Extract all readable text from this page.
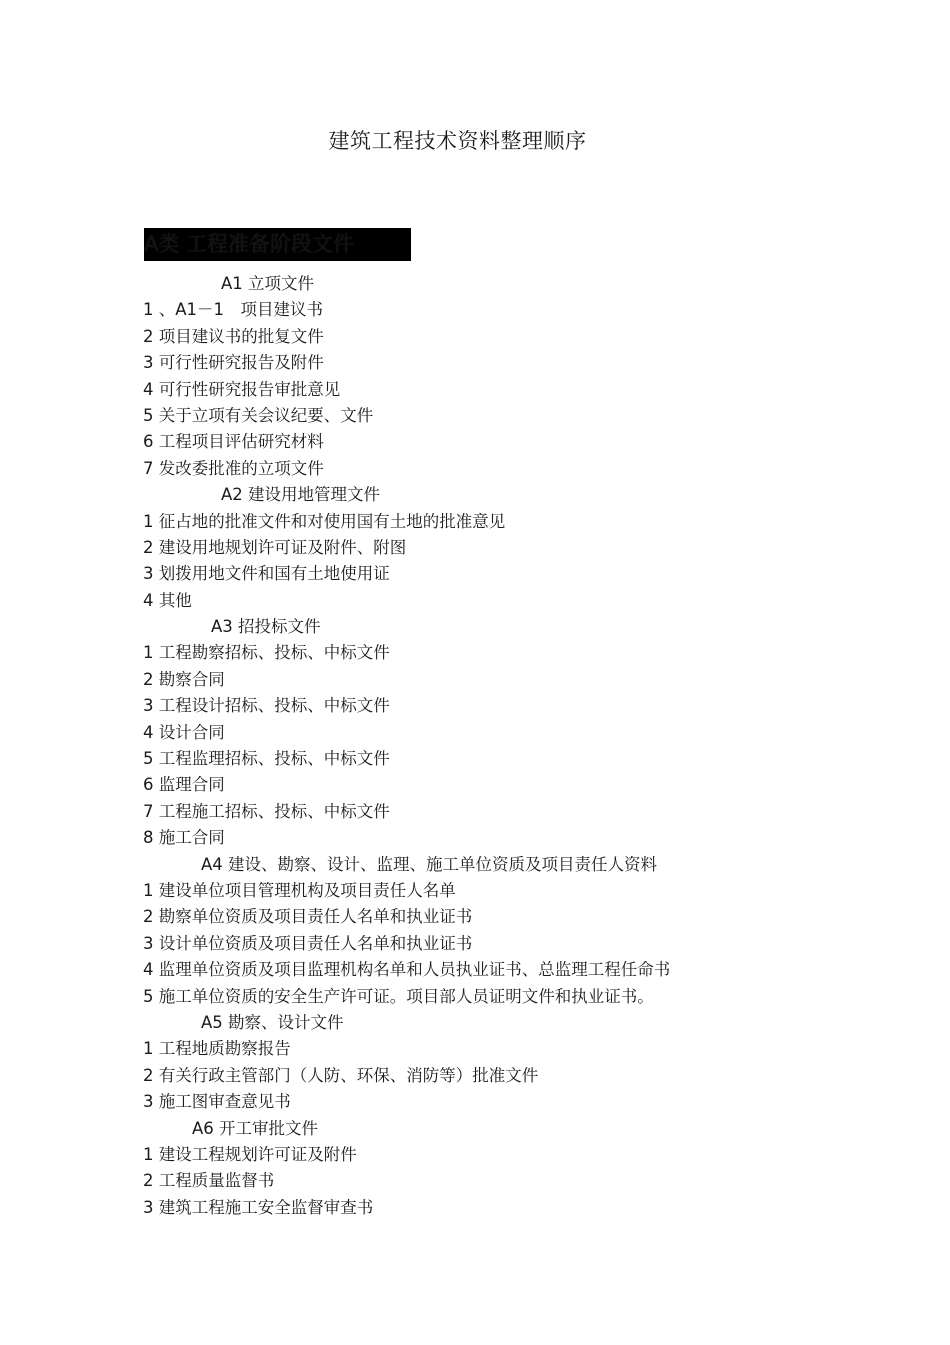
建筑工程技术资料整理顺序
A类 工程准备阶段文件
A1 立项文件
1 、A1－1　项目建议书
2 项目建议书的批复文件
3 可行性研究报告及附件
4 可行性研究报告审批意见
5 关于立项有关会议纪要、文件
6 工程项目评估研究材料
7 发改委批准的立项文件
A2 建设用地管理文件
1 征占地的批准文件和对使用国有土地的批准意见
2 建设用地规划许可证及附件、附图
3 划拨用地文件和国有土地使用证
4 其他
A3 招投标文件
1 工程勘察招标、投标、中标文件
2 勘察合同
3 工程设计招标、投标、中标文件
4 设计合同
5 工程监理招标、投标、中标文件
6 监理合同
7 工程施工招标、投标、中标文件
8 施工合同
A4 建设、勘察、设计、监理、施工单位资质及项目责任人资料
1 建设单位项目管理机构及项目责任人名单
2 勘察单位资质及项目责任人名单和执业证书
3 设计单位资质及项目责任人名单和执业证书
4 监理单位资质及项目监理机构名单和人员执业证书、总监理工程任命书
5 施工单位资质的安全生产许可证。项目部人员证明文件和执业证书。
A5 勘察、设计文件
1 工程地质勘察报告
2 有关行政主管部门（人防、环保、消防等）批准文件
3 施工图审查意见书
A6 开工审批文件
1 建设工程规划许可证及附件
2 工程质量监督书
3 建筑工程施工安全监督审查书
